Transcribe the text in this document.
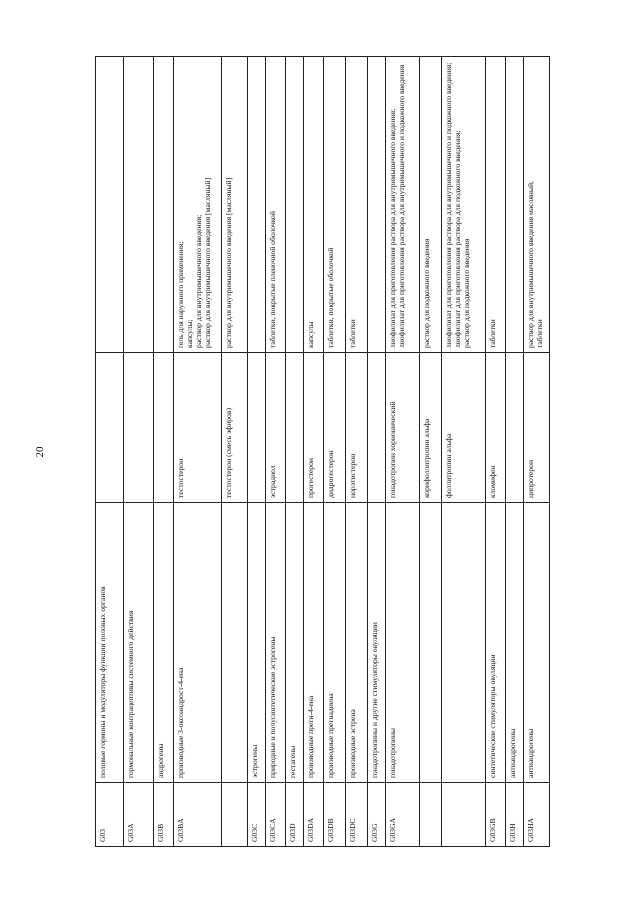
20
G03	половые гормоны и модуляторы функции половых органов		
G03A	гормональные контрацептивы системного действия		
G03B	андрогены		
G03BA	производные 3-оксоандрост-4-ена	тестостерон	гель для наружного применения;
капсулы;
раствор для внутримышечного введения;
раствор для внутримышечного введения [масляный]
		тестостерон (смесь эфиров)	раствор для внутримышечного введения [масляный]
G03C	эстрогены		
G03CA	природные и полусинтетические эстрогены	эстрадиол	таблетки, покрытые пленочной оболочкой
G03D	гестагены		
G03DA	производные прегн-4-ена	прогестерон	капсулы
G03DB	производные прегнадиена	дидрогестерон	таблетки, покрытые оболочкой
G03DC	производные эстрена	норэтистерон	таблетки
G03G	гонадотропины и другие стимуляторы овуляции		
G03GA	гонадотропины	гонадотропин хорионический	лиофилизат для приготовления раствора для внутримышечного введения;
лиофилизат для приготовления раствора для внутримышечного и подкожного введения
		корифоллитропин альфа	раствор для подкожного введения
		фоллитропин альфа	лиофилизат для приготовления раствора для внутримышечного и подкожного введения;
лиофилизат для приготовления раствора для подкожного введения;
раствор для подкожного введения
G03GB	синтетические стимуляторы овуляции	кломифен	таблетки
G03H	антиандрогены		
G03HA	антиандрогены	ципротерон	раствор для внутримышечного введения масляный;
таблетки
